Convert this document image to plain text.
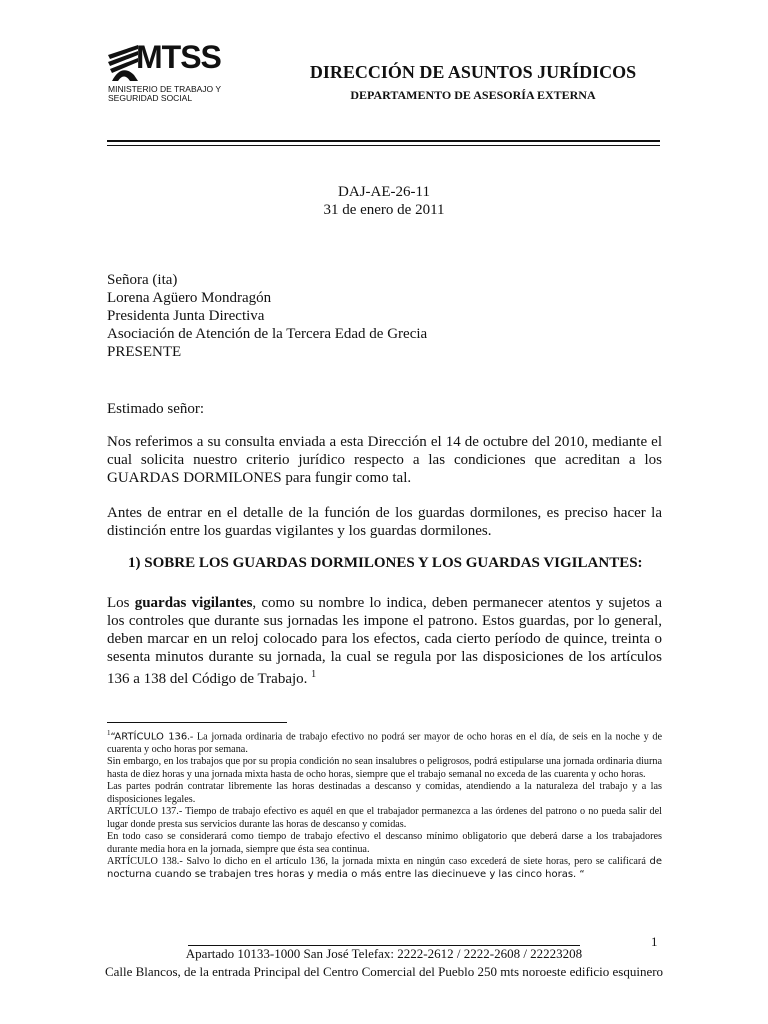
MTSS
MINISTERIO DE TRABAJO Y
SEGURIDAD SOCIAL
DIRECCIÓN DE ASUNTOS JURÍDICOS
DEPARTAMENTO DE ASESORÍA EXTERNA
DAJ-AE-26-11
31 de enero de 2011
Señora (ita)
Lorena Agüero Mondragón
Presidenta Junta Directiva
Asociación de Atención de la Tercera Edad de Grecia
PRESENTE
Estimado señor:
Nos referimos a su consulta enviada a esta Dirección el 14 de octubre del 2010, mediante el cual solicita nuestro criterio jurídico respecto a las condiciones que acreditan a los GUARDAS DORMILONES para fungir como tal.
Antes de entrar en el detalle de la función de los guardas dormilones, es preciso hacer la distinción entre los guardas vigilantes y los guardas dormilones.
1) SOBRE LOS GUARDAS DORMILONES Y LOS GUARDAS VIGILANTES:
Los guardas vigilantes, como su nombre lo indica, deben permanecer atentos y sujetos a los controles que durante sus jornadas les impone el patrono. Estos guardas, por lo general, deben marcar en un reloj colocado para los efectos, cada cierto período de quince, treinta o sesenta minutos durante su jornada, la cual se regula por las disposiciones de los artículos 136 a 138 del Código de Trabajo. $^1$

$^1$“ARTÍCULO 136.- La jornada ordinaria de trabajo efectivo no podrá ser mayor de ocho horas en el día, de seis en la noche y de cuarenta y ocho horas por semana.

Sin embargo, en los trabajos que por su propia condición no sean insalubres o peligrosos, podrá estipularse una jornada ordinaria diurna hasta de diez horas y una jornada mixta hasta de ocho horas, siempre que el trabajo semanal no exceda de las cuarenta y ocho horas.

Las partes podrán contratar libremente las horas destinadas a descanso y comidas, atendiendo a la naturaleza del trabajo y a las disposiciones legales.

ARTÍCULO 137.- Tiempo de trabajo efectivo es aquél en que el trabajador permanezca a las órdenes del patrono o no pueda salir del lugar donde presta sus servicios durante las horas de descanso y comidas.

En todo caso se considerará como tiempo de trabajo efectivo el descanso mínimo obligatorio que deberá darse a los trabajadores durante media hora en la jornada, siempre que ésta sea continua.

ARTÍCULO 138.- Salvo lo dicho en el artículo 136, la jornada mixta en ningún caso excederá de siete horas, pero se calificará de nocturna cuando se trabajen tres horas y media o más entre las diecinueve y las cinco horas. “

1
Apartado 10133-1000 San José Telefax: 2222-2612 / 2222-2608 / 22223208
Calle Blancos, de la entrada Principal del Centro Comercial del Pueblo 250 mts noroeste edificio esquinero
